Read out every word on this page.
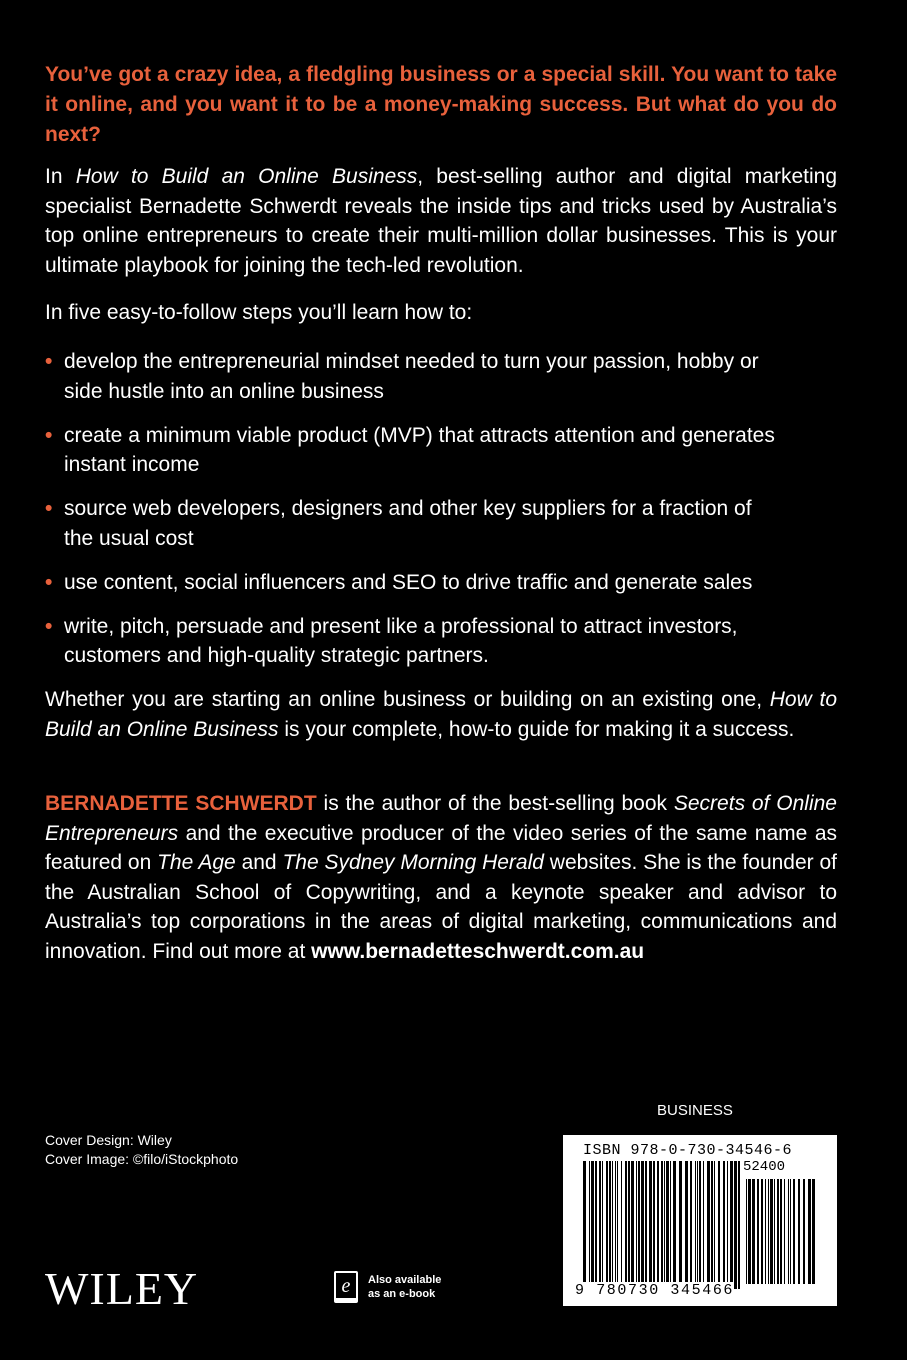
You’ve got a crazy idea, a fledgling business or a special skill. You want to take it online, and you want it to be a money-making success. But what do you do next?

In How to Build an Online Business, best-selling author and digital marketing specialist Bernadette Schwerdt reveals the inside tips and tricks used by Australia’s top online entrepreneurs to create their multi-million dollar businesses. This is your ultimate playbook for joining the tech-led revolution.

In five easy-to-follow steps you’ll learn how to:

• develop the entrepreneurial mindset needed to turn your passion, hobby or side hustle into an online business
• create a minimum viable product (MVP) that attracts attention and generates instant income
• source web developers, designers and other key suppliers for a fraction of the usual cost
• use content, social influencers and SEO to drive traffic and generate sales
• write, pitch, persuade and present like a professional to attract investors, customers and high-quality strategic partners.

Whether you are starting an online business or building on an existing one, How to Build an Online Business is your complete, how-to guide for making it a success.

BERNADETTE SCHWERDT is the author of the best-selling book Secrets of Online Entrepreneurs and the executive producer of the video series of the same name as featured on The Age and The Sydney Morning Herald websites. She is the founder of the Australian School of Copywriting, and a keynote speaker and advisor to Australia’s top corporations in the areas of digital marketing, communications and innovation. Find out more at www.bernadetteschwerdt.com.au

Cover Design: Wiley
Cover Image: ©filo/iStockphoto
BUSINESS
ISBN 978-0-730-34546-6
52400
9 780730 345466
WILEY	e Also available
as an e-book
